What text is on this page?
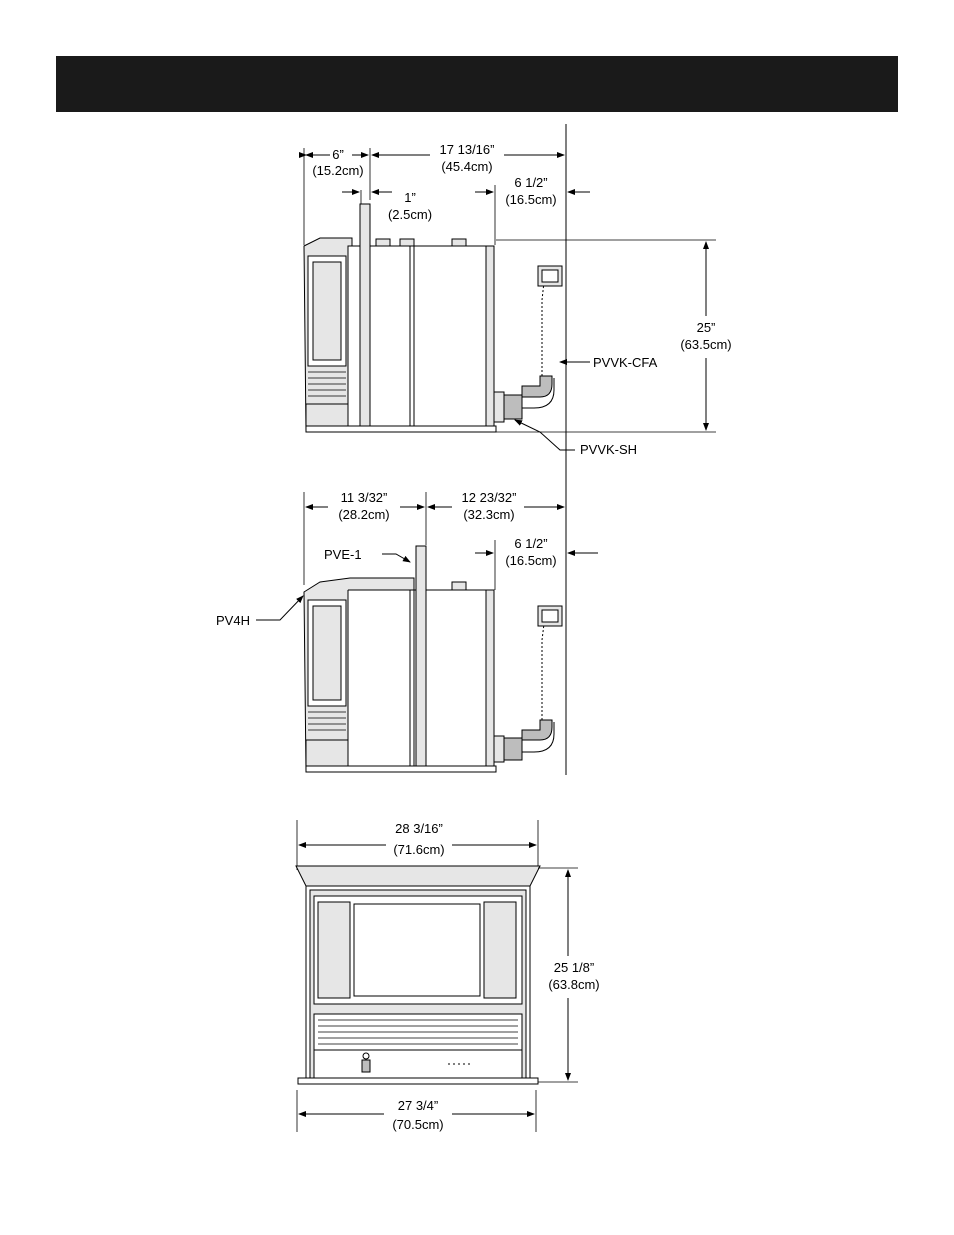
6”
(15.2cm)
17 13/16”
(45.4cm)
1”
(2.5cm)
6 1/2”
(16.5cm)
25”
(63.5cm)
PVVK-CFA
PVVK-SH
11 3/32”
(28.2cm)
12 23/32”
(32.3cm)
6 1/2”
(16.5cm)
PVE-1
PV4H
28 3/16”
(71.6cm)
25 1/8”
(63.8cm)
27 3/4”
(70.5cm)
